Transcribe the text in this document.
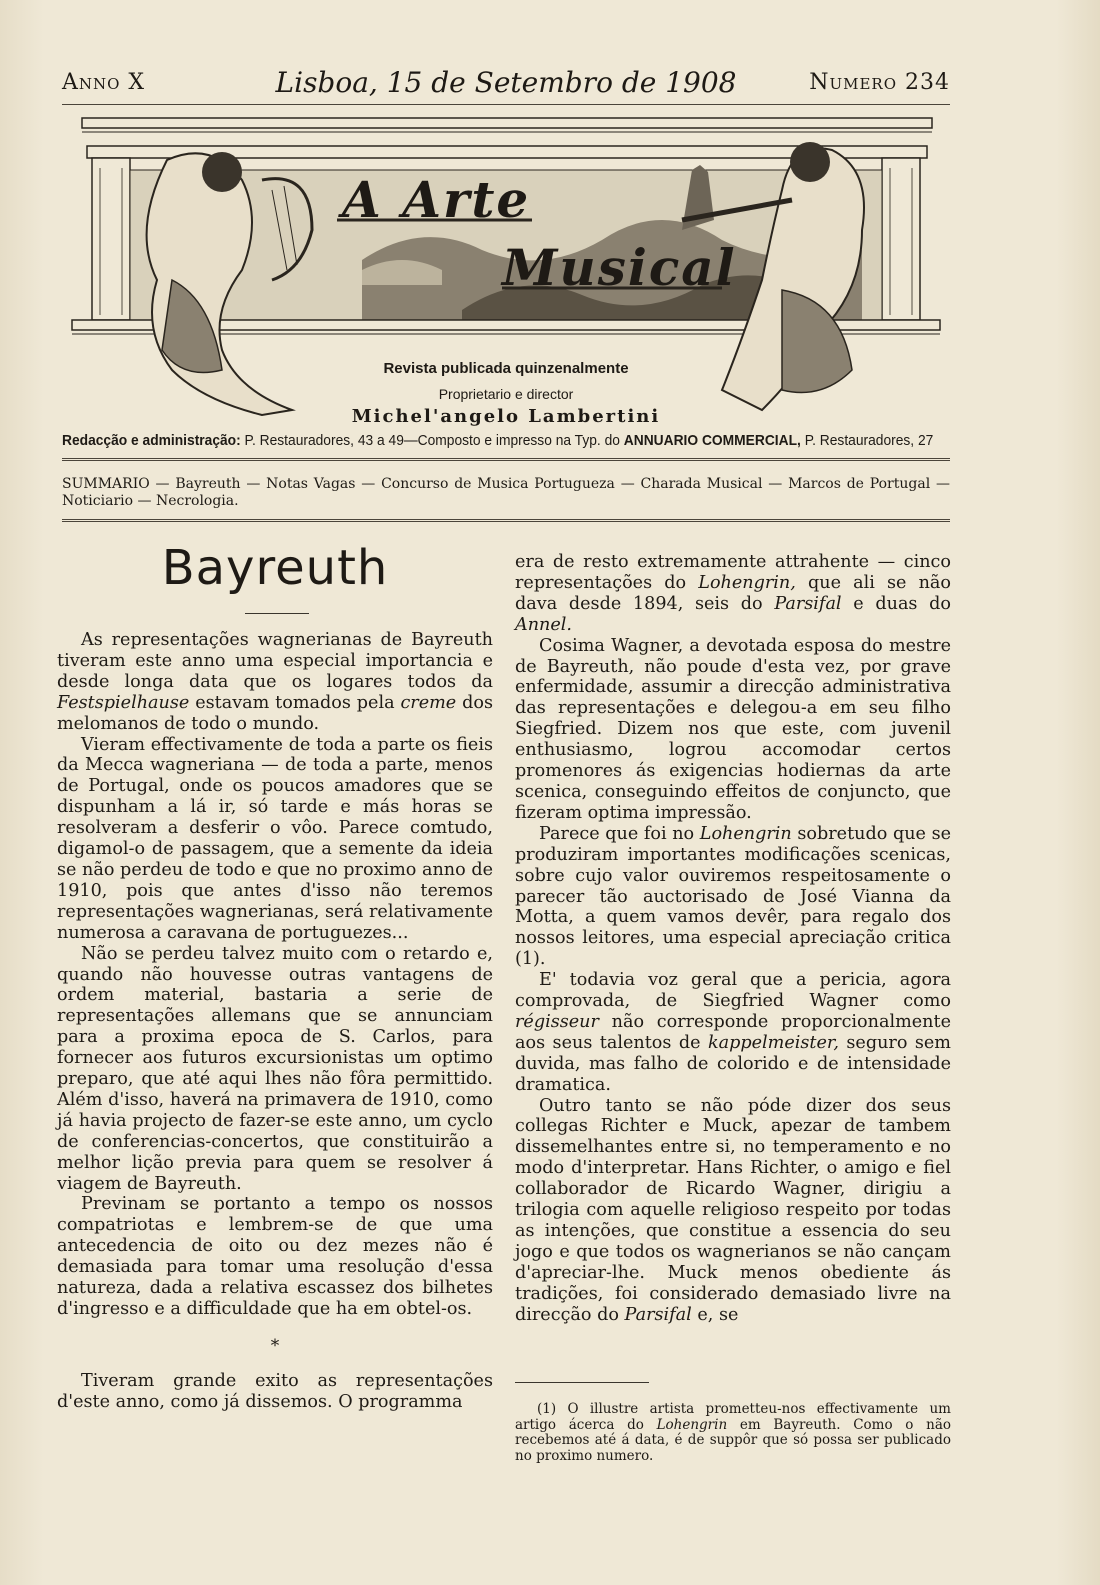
Anno X	Lisboa, 15 de Setembro de 1908	Numero 234
A Arte
Musical
Revista publicada quinzenalmente
Proprietario e director
Michel'angelo Lambertini
Redacção e administração: P. Restauradores, 43 a 49—Composto e impresso na Typ. do ANNUARIO COMMERCIAL, P. Restauradores, 27
SUMMARIO — Bayreuth — Notas Vagas — Concurso de Musica Portugueza — Charada Musical — Marcos de Portugal — Noticiario — Necrologia.
Bayreuth

As representações wagnerianas de Bayreuth tiveram este anno uma especial importancia e desde longa data que os logares todos da Festspielhause estavam tomados pela creme dos melomanos de todo o mundo.

Vieram effectivamente de toda a parte os fieis da Mecca wagneriana — de toda a parte, menos de Portugal, onde os poucos amadores que se dispunham a lá ir, só tarde e más horas se resolveram a desferir o vôo. Parece comtudo, digamol-o de passagem, que a semente da ideia se não perdeu de todo e que no proximo anno de 1910, pois que antes d'isso não teremos representações wagnerianas, será relativamente numerosa a caravana de portuguezes...

Não se perdeu talvez muito com o retardo e, quando não houvesse outras vantagens de ordem material, bastaria a serie de representações allemans que se annunciam para a proxima epoca de S. Carlos, para fornecer aos futuros excursionistas um optimo preparo, que até aqui lhes não fôra permittido. Além d'isso, haverá na primavera de 1910, como já havia projecto de fazer-se este anno, um cyclo de conferencias-concertos, que constituirão a melhor lição previa para quem se resolver á viagem de Bayreuth.

Previnam se portanto a tempo os nossos compatriotas e lembrem-se de que uma antecedencia de oito ou dez mezes não é demasiada para tomar uma resolução d'essa natureza, dada a relativa escassez dos bilhetes d'ingresso e a difficuldade que ha em obtel-os.

*

Tiveram grande exito as representações d'este anno, como já dissemos. O programma

era de resto extremamente attrahente — cinco representações do Lohengrin, que ali se não dava desde 1894, seis do Parsifal e duas do Annel.

Cosima Wagner, a devotada esposa do mestre de Bayreuth, não poude d'esta vez, por grave enfermidade, assumir a direcção administrativa das representações e delegou-a em seu filho Siegfried. Dizem nos que este, com juvenil enthusiasmo, logrou accomodar certos promenores ás exigencias hodiernas da arte scenica, conseguindo effeitos de conjuncto, que fizeram optima impressão.

Parece que foi no Lohengrin sobretudo que se produziram importantes modificações scenicas, sobre cujo valor ouviremos respeitosamente o parecer tão auctorisado de José Vianna da Motta, a quem vamos devêr, para regalo dos nossos leitores, uma especial apreciação critica (1).

E' todavia voz geral que a pericia, agora comprovada, de Siegfried Wagner como régisseur não corresponde proporcionalmente aos seus talentos de kappelmeister, seguro sem duvida, mas falho de colorido e de intensidade dramatica.

Outro tanto se não póde dizer dos seus collegas Richter e Muck, apezar de tambem dissemelhantes entre si, no temperamento e no modo d'interpretar. Hans Richter, o amigo e fiel collaborador de Ricardo Wagner, dirigiu a trilogia com aquelle religioso respeito por todas as intenções, que constitue a essencia do seu jogo e que todos os wagnerianos se não cançam d'apreciar-lhe. Muck menos obediente ás tradições, foi considerado demasiado livre na direcção do Parsifal e, se

(1) O illustre artista prometteu-nos effectivamente um artigo ácerca do Lohengrin em Bayreuth. Como o não recebemos até á data, é de suppôr que só possa ser publicado no proximo numero.
